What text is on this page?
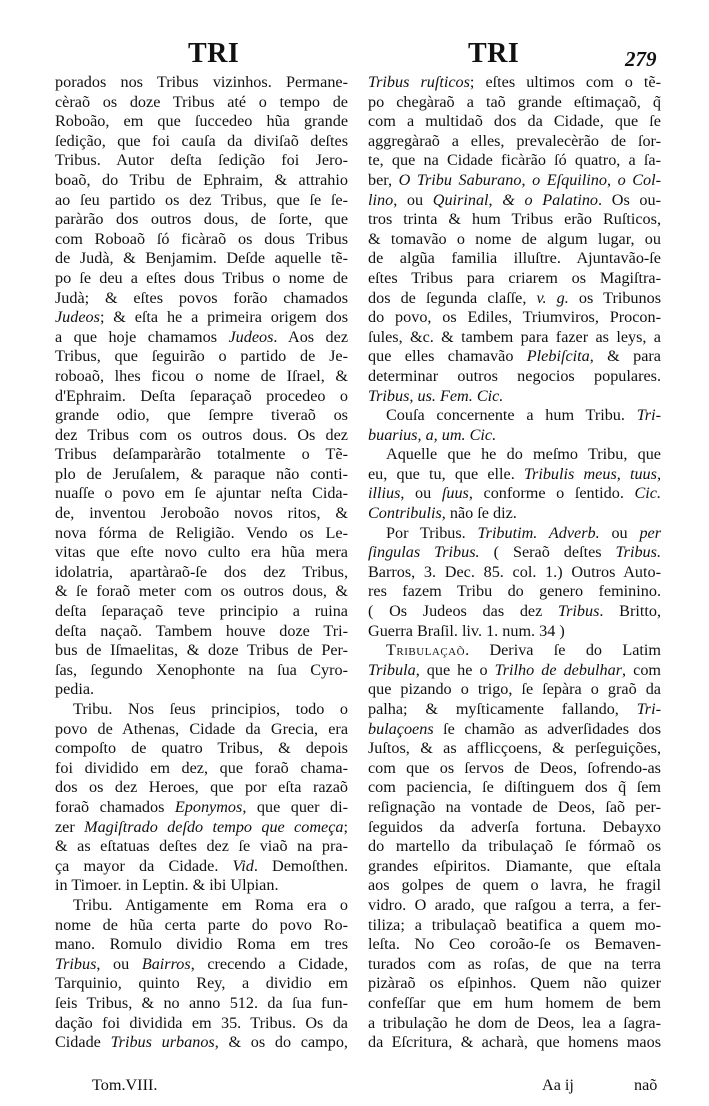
TRI	TRI	279
porados nos Tribus vizinhos. Permane-
cèraõ os doze Tribus até o tempo de
Roboão, em que ſuccedeo hũa grande
ſedição, que foi cauſa da diviſaõ deſtes
Tribus. Autor deſta ſedição foi Jero-
boaõ, do Tribu de Ephraim, & attrahio
ao ſeu partido os dez Tribus, que ſe ſe-
paràrão dos outros dous, de ſorte, que
com Roboaõ ſó ficàraõ os dous Tribus
de Judà, & Benjamim. Deſde aquelle tẽ-
po ſe deu a eſtes dous Tribus o nome de
Judà; & eſtes povos forão chamados
Judeos; & eſta he a primeira origem dos
a que hoje chamamos Judeos. Aos dez
Tribus, que ſeguirão o partido de Je-
roboaõ, lhes ficou o nome de Iſrael, &
d'Ephraim. Deſta ſeparaçaõ procedeo o
grande odio, que ſempre tiveraõ os
dez Tribus com os outros dous. Os dez
Tribus deſamparàrão totalmente o Tẽ-
plo de Jeruſalem, & paraque não conti-
nuaſſe o povo em ſe ajuntar neſta Cida-
de, inventou Jeroboão novos ritos, &
nova fórma de Religião. Vendo os Le-
vitas que eſte novo culto era hũa mera
idolatria, apartàraõ-ſe dos dez Tribus,
& ſe foraõ meter com os outros dous, &
deſta ſeparaçaõ teve principio a ruina
deſta naçaõ. Tambem houve doze Tri-
bus de Iſmaelitas, & doze Tribus de Per-
ſas, ſegundo Xenophonte na ſua Cyro-
pedia.
Tribu. Nos ſeus principios, todo o
povo de Athenas, Cidade da Grecia, era
compoſto de quatro Tribus, & depois
foi dividido em dez, que foraõ chama-
dos os dez Heroes, que por eſta razaõ
foraõ chamados Eponymos, que quer di-
zer Magiſtrado deſdo tempo que começa;
& as eſtatuas deſtes dez ſe viaõ na pra-
ça mayor da Cidade. Vid. Demoſthen.
in Timoer. in Leptin. & ibi Ulpian.
Tribu. Antigamente em Roma era o
nome de hũa certa parte do povo Ro-
mano. Romulo dividio Roma em tres
Tribus, ou Bairros, crecendo a Cidade,
Tarquinio, quinto Rey, a dividio em
ſeis Tribus, & no anno 512. da ſua fun-
dação foi dividida em 35. Tribus. Os da
Cidade Tribus urbanos, & os do campo,
Tribus ruſticos; eſtes ultimos com o tẽ-
po chegàraõ a taõ grande eſtimaçaõ, q̃
com a multidaõ dos da Cidade, que ſe
aggregàraõ a elles, prevalecèrão de ſor-
te, que na Cidade ficàrão ſó quatro, a ſa-
ber, O Tribu Saburano, o Eſquilino, o Col-
lino, ou Quirinal, & o Palatino. Os ou-
tros trinta & hum Tribus erão Ruſticos,
& tomavão o nome de algum lugar, ou
de algũa familia illuſtre. Ajuntavão-ſe
eſtes Tribus para criarem os Magiſtra-
dos de ſegunda claſſe, v. g. os Tribunos
do povo, os Ediles, Triumviros, Procon-
ſules, &c. & tambem para fazer as leys, a
que elles chamavão Plebiſcita, & para
determinar outros negocios populares.
Tribus, us. Fem. Cic.
Couſa concernente a hum Tribu. Tri-
buarius, a, um. Cic.
Aquelle que he do meſmo Tribu, que
eu, que tu, que elle. Tribulis meus, tuus,
illius, ou ſuus, conforme o ſentido. Cic.
Contribulis, não ſe diz.
Por Tribus. Tributim. Adverb. ou per
ſingulas Tribus. ( Seraõ deſtes Tribus.
Barros, 3. Dec. 85. col. 1.) Outros Auto-
res fazem Tribu do genero feminino.
( Os Judeos das dez Tribus. Britto,
Guerra Braſil. liv. 1. num. 34 )
Tribulaçaõ. Deriva ſe do Latim
Tribula, que he o Trilho de debulhar, com
que pizando o trigo, ſe ſepàra o graõ da
palha; & myſticamente fallando, Tri-
bulaçoens ſe chamão as adverſidades dos
Juſtos, & as afflicçoens, & perſeguições,
com que os ſervos de Deos, ſofrendo-as
com paciencia, ſe diſtinguem dos q̃ ſem
reſignação na vontade de Deos, ſaõ per-
ſeguidos da adverſa fortuna. Debayxo
do martello da tribulaçaõ ſe fórmaõ os
grandes eſpiritos. Diamante, que eſtala
aos golpes de quem o lavra, he fragil
vidro. O arado, que raſgou a terra, a fer-
tiliza; a tribulaçaõ beatifica a quem mo-
leſta. No Ceo coroão-ſe os Bemaven-
turados com as roſas, de que na terra
pizàraõ os eſpinhos. Quem não quizer
confeſſar que em hum homem de bem
a tribulação he dom de Deos, lea a ſagra-
da Eſcritura, & acharà, que homens maos
Tom.VIII.	Aa ij	naõ
